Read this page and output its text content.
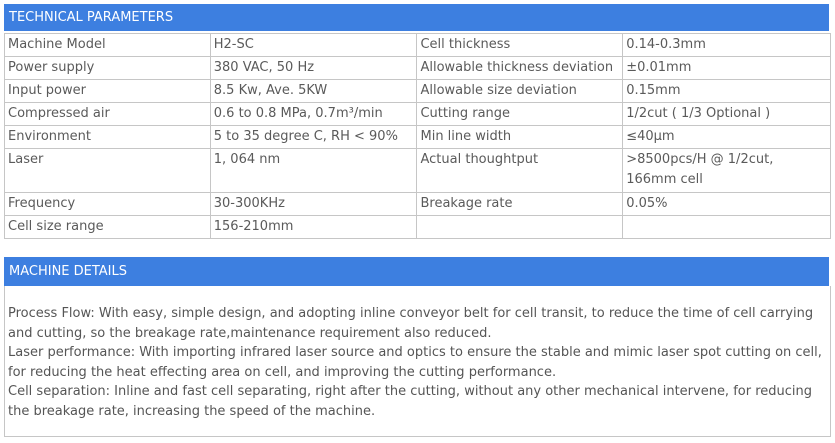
TECHNICAL PARAMETERS
Machine Model	H2-SC	Cell thickness	0.14-0.3mm
Power supply	380 VAC, 50 Hz	Allowable thickness deviation	±0.01mm
Input power	8.5 Kw, Ave. 5KW	Allowable size deviation	0.15mm
Compressed air	0.6 to 0.8 MPa, 0.7m³/min	Cutting range	1/2cut ( 1/3 Optional )
Environment	5 to 35 degree C, RH < 90%	Min line width	≤40μm
Laser	1, 064 nm	Actual thoughtput	>8500pcs/H @ 1/2cut, 166mm cell
Frequency	30-300KHz	Breakage rate	0.05%
Cell size range	156-210mm		
MACHINE DETAILS

Process Flow: With easy, simple design, and adopting inline conveyor belt for cell transit, to reduce the time of cell carrying and cutting, so the breakage rate,maintenance requirement also reduced.

Laser performance: With importing infrared laser source and optics to ensure the stable and mimic laser spot cutting on cell, for reducing the heat effecting area on cell, and improving the cutting performance.

Cell separation: Inline and fast cell separating, right after the cutting, without any other mechanical intervene, for reducing the breakage rate, increasing the speed of the machine.
